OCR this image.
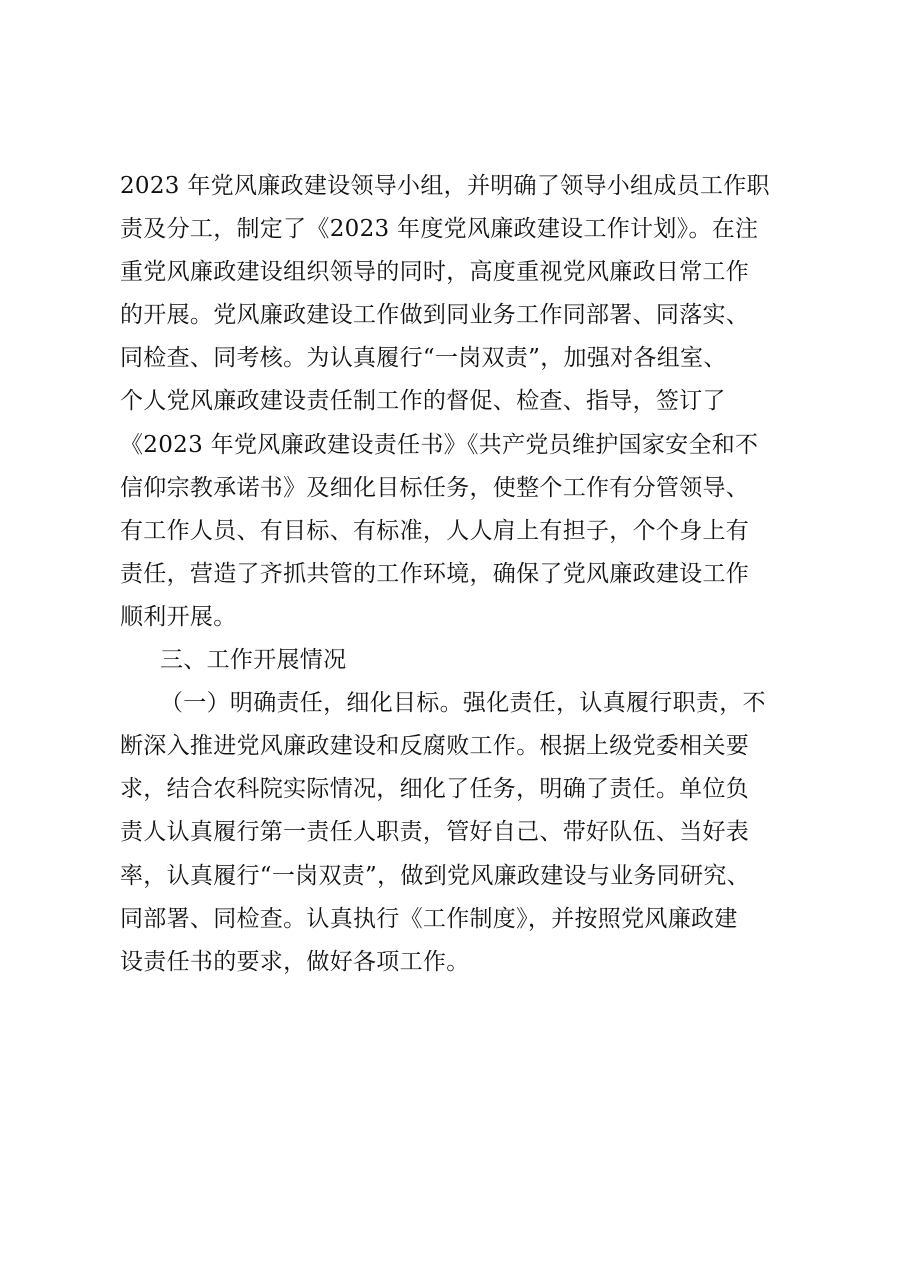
2023 年党风廉政建设领导小组，并明确了领导小组成员工作职
责及分工，制定了《2023 年度党风廉政建设工作计划》。在注
重党风廉政建设组织领导的同时，高度重视党风廉政日常工作
的开展。党风廉政建设工作做到同业务工作同部署、同落实、
同检查、同考核。为认真履行“一岗双责”，加强对各组室、
个人党风廉政建设责任制工作的督促、检查、指导，签订了
《2023 年党风廉政建设责任书》《共产党员维护国家安全和不
信仰宗教承诺书》及细化目标任务，使整个工作有分管领导、
有工作人员、有目标、有标准，人人肩上有担子，个个身上有
责任，营造了齐抓共管的工作环境，确保了党风廉政建设工作
顺利开展。
三、工作开展情况
（一）明确责任，细化目标。强化责任，认真履行职责，不
断深入推进党风廉政建设和反腐败工作。根据上级党委相关要
求，结合农科院实际情况，细化了任务，明确了责任。单位负
责人认真履行第一责任人职责，管好自己、带好队伍、当好表
率，认真履行“一岗双责”，做到党风廉政建设与业务同研究、
同部署、同检查。认真执行《工作制度》，并按照党风廉政建
设责任书的要求，做好各项工作。
